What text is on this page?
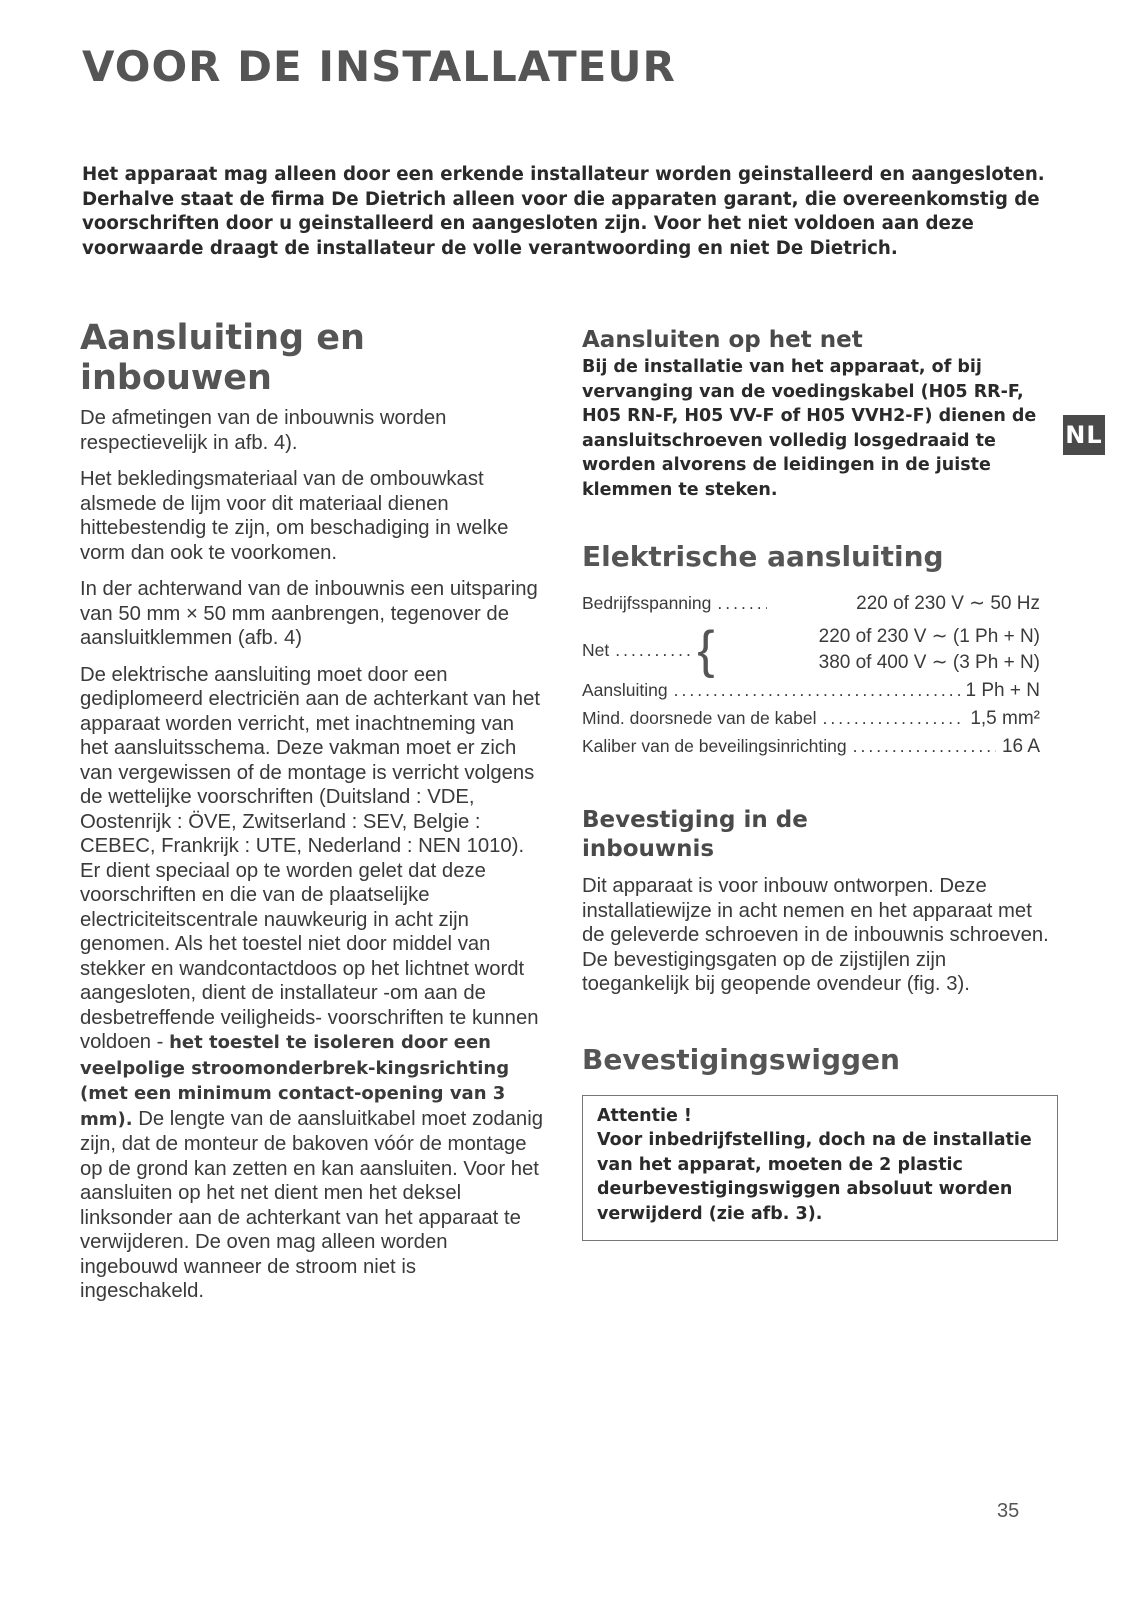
VOOR DE INSTALLATEUR

Het apparaat mag alleen door een erkende installateur worden geinstalleerd en aangesloten. Derhalve staat de firma De Dietrich alleen voor die apparaten garant, die overeenkomstig de voorschriften door u geinstalleerd en aangesloten zijn. Voor het niet voldoen aan deze voorwaarde draagt de installateur de volle verantwoording en niet De Dietrich.

Aansluiting en inbouwen

De afmetingen van de inbouwnis worden respectievelijk in afb. 4).

Het bekledingsmateriaal van de ombouwkast alsmede de lijm voor dit materiaal dienen hittebestendig te zijn, om beschadiging in welke vorm dan ook te voorkomen.

In der achterwand van de inbouwnis een uitsparing van 50 mm × 50 mm aanbrengen, tegenover de aansluitklemmen (afb. 4)

De elektrische aansluiting moet door een gediplomeerd electriciën aan de achterkant van het apparaat worden verricht, met inachtneming van het aansluitsschema. Deze vakman moet er zich van vergewissen of de montage is verricht volgens de wettelijke voorschriften (Duitsland : VDE, Oostenrijk : ÖVE, Zwitserland : SEV, Belgie : CEBEC, Frankrijk : UTE, Nederland : NEN 1010). Er dient speciaal op te worden gelet dat deze voorschriften en die van de plaatselijke electriciteitscentrale nauwkeurig in acht zijn genomen. Als het toestel niet door middel van stekker en wandcontactdoos op het lichtnet wordt aangesloten, dient de installateur -om aan de desbetreffende veiligheids- voorschriften te kunnen voldoen - het toestel te isoleren door een veelpolige stroomonderbrek-kingsrichting (met een minimum contact-opening van 3 mm). De lengte van de aansluitkabel moet zodanig zijn, dat de monteur de bakoven vóór de montage op de grond kan zetten en kan aansluiten. Voor het aansluiten op het net dient men het deksel linksonder aan de achterkant van het apparaat te verwijderen. De oven mag alleen worden ingebouwd wanneer de stroom niet is ingeschakeld.

Aansluiten op het net

Bij de installatie van het apparaat, of bij vervanging van de voedingskabel (H05 RR-F, H05 RN-F, H05 VV-F of H05 VVH2-F) dienen de aansluitschroeven volledig losgedraaid te worden alvorens de leidingen in de juiste klemmen te steken.

Elektrische aansluiting
Bedrijfsspanning .....	220 of 230 V ∼ 50 Hz
Net ..... {	220 of 230 V ∼ (1 Ph + N)
380 of 400 V ∼ (3 Ph + N)
Aansluiting .....	1 Ph + N
Mind. doorsnede van de kabel .....	1,5 mm²
Kaliber van de beveilingsinrichting .....	16 A
Bevestiging in de inbouwnis

Dit apparaat is voor inbouw ontworpen. Deze installatiewijze in acht nemen en het apparaat met de geleverde schroeven in de inbouwnis schroeven. De bevestigingsgaten op de zijstijlen zijn toegankelijk bij geopende ovendeur (fig. 3).

Bevestigingswiggen

Attentie !

Voor inbedrijfstelling, doch na de installatie van het apparat, moeten de 2 plastic deurbevestigingswiggen absoluut worden verwijderd (zie afb. 3).

NL
35
